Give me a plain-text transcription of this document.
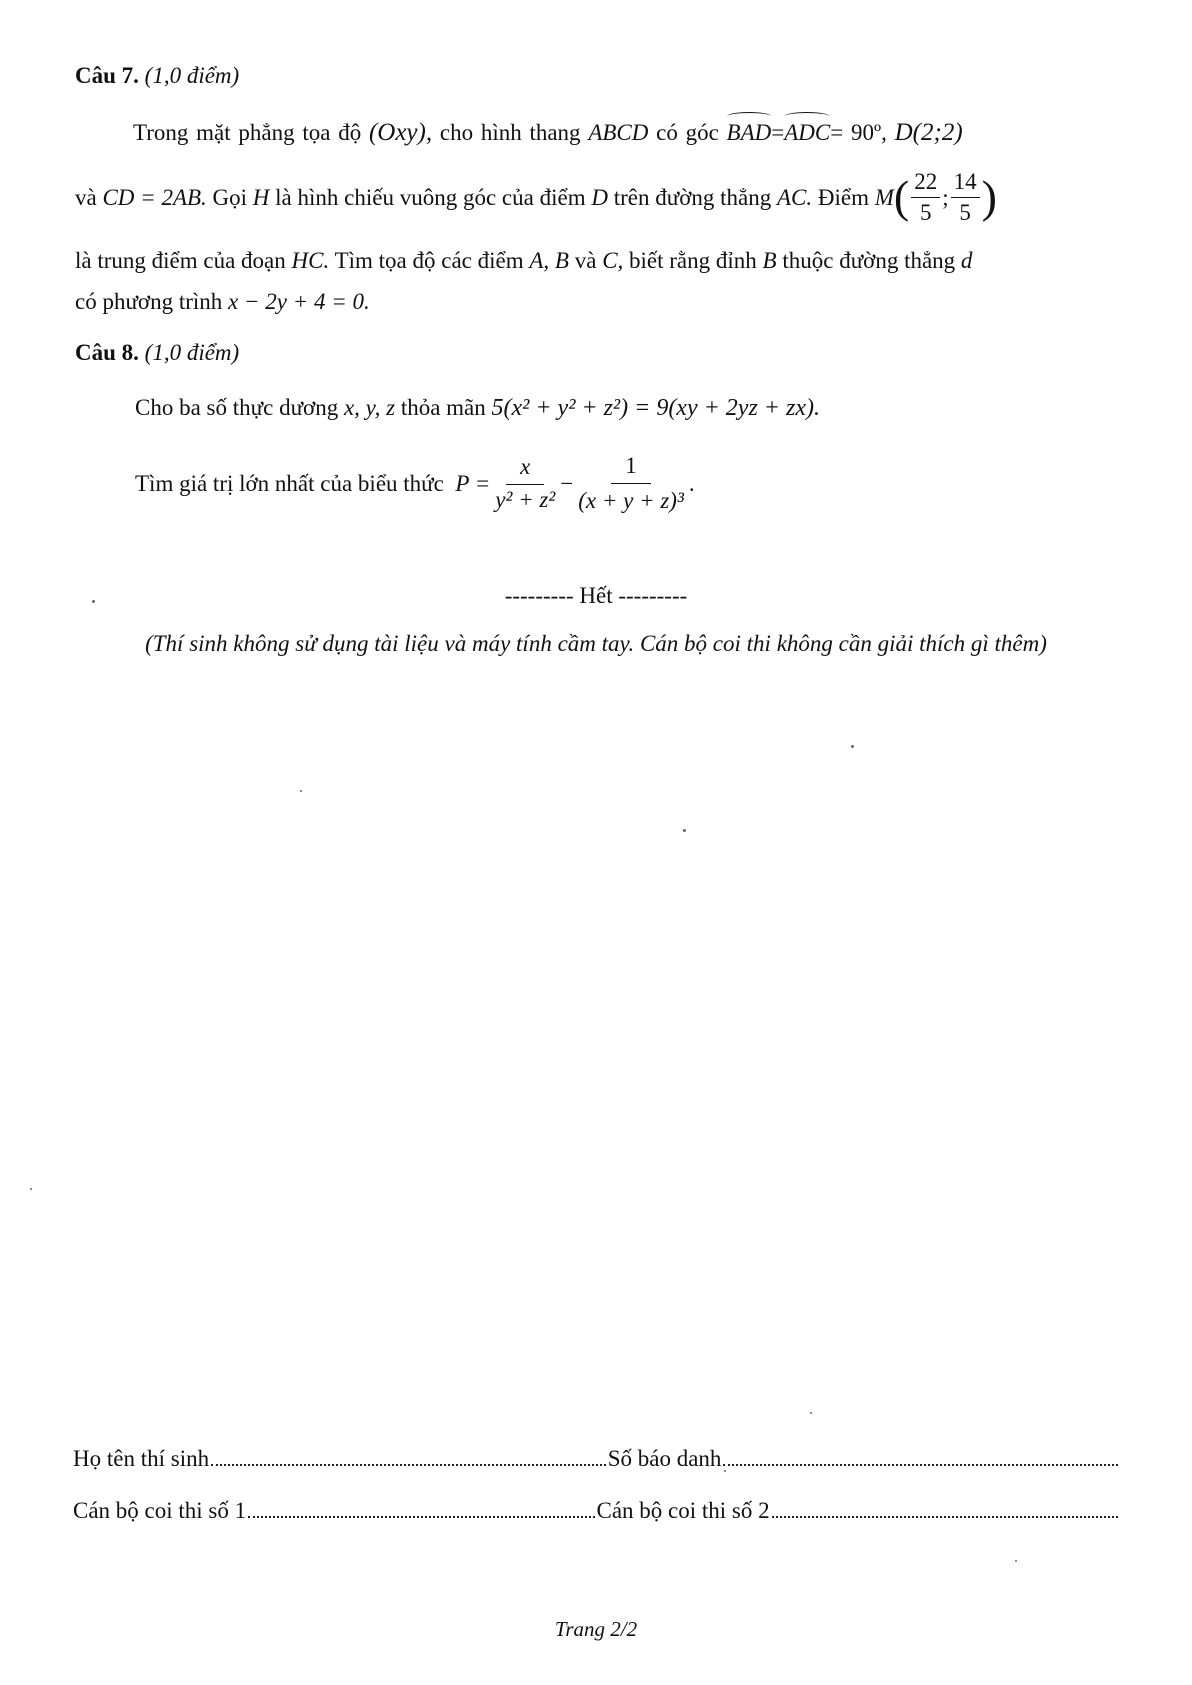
Câu 7. (1,0 điểm)
Trong mặt phẳng tọa độ (Oxy), cho hình thang ABCD có góc BAD=ADC= 90º, D(2;2)
và
CD = 2AB.
Gọi
H
là hình chiếu vuông góc của điểm
D
trên đường thẳng
AC.
Điểm
M ( $\frac{22}{5}$ ; $\frac{14}{5}$ )
là trung điểm của đoạn HC. Tìm tọa độ các điểm A, B và C, biết rằng đỉnh B thuộc đường thẳng d
có phương trình x − 2y + 4 = 0.
Câu 8. (1,0 điểm)
Cho ba số thực dương x, y, z thỏa mãn 5(x² + y² + z²) = 9(xy + 2yz + zx).
Tìm giá trị lớn nhất của biểu thức
$P = \frac{x}{\text{y² + z²}} - \frac{1}{\text{(x + y + z)³}}$ .
--------- Hết ---------
(Thí sinh không sử dụng tài liệu và máy tính cầm tay. Cán bộ coi thi không cần giải thích gì thêm)
Họ tên thí sinh	Số báo danh
Cán bộ coi thi số 1	Cán bộ coi thi số 2
Trang 2/2
